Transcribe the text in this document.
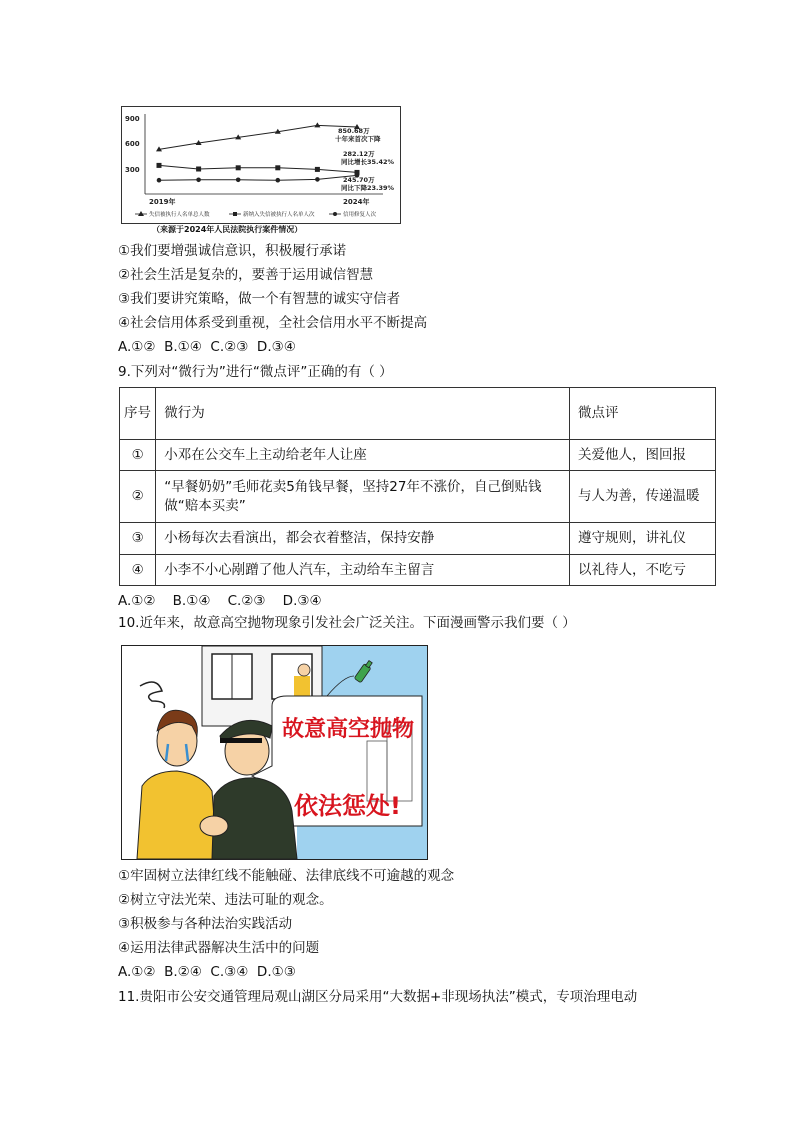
900
600
300
2019年	2024年
850.68万
十年来首次下降
282.12万
同比增长35.42%
245.70万
同比下降23.39%
失信被执行人名单总人数	新纳入失信被执行人名单人次	信用修复人次
（来源于2024年人民法院执行案件情况）
①我们要增强诚信意识，积极履行承诺
②社会生活是复杂的，要善于运用诚信智慧
③我们要讲究策略，做一个有智慧的诚实守信者
④社会信用体系受到重视，全社会信用水平不断提高
A.①②  B.①④  C.②③  D.③④
9.下列对“微行为”进行“微点评”正确的有（ ）
序号	微行为	微点评
①	小邓在公交车上主动给老年人让座	关爱他人，图回报
②	“早餐奶奶”毛师花卖5角钱早餐，坚持27年不涨价，自己倒贴钱做“赔本买卖”	与人为善，传递温暖
③	小杨每次去看演出，都会衣着整洁，保持安静	遵守规则，讲礼仪
④	小李不小心剐蹭了他人汽车，主动给车主留言	以礼待人，不吃亏
A.①②    B.①④    C.②③    D.③④
10.近年来，故意高空抛物现象引发社会广泛关注。下面漫画警示我们要（ ）
故意高空抛物
依法惩处!
①牢固树立法律红线不能触碰、法律底线不可逾越的观念
②树立守法光荣、违法可耻的观念。
③积极参与各种法治实践活动
④运用法律武器解决生活中的问题
A.①②  B.②④  C.③④  D.①③
11.贵阳市公安交通管理局观山湖区分局采用“大数据+非现场执法”模式，专项治理电动
